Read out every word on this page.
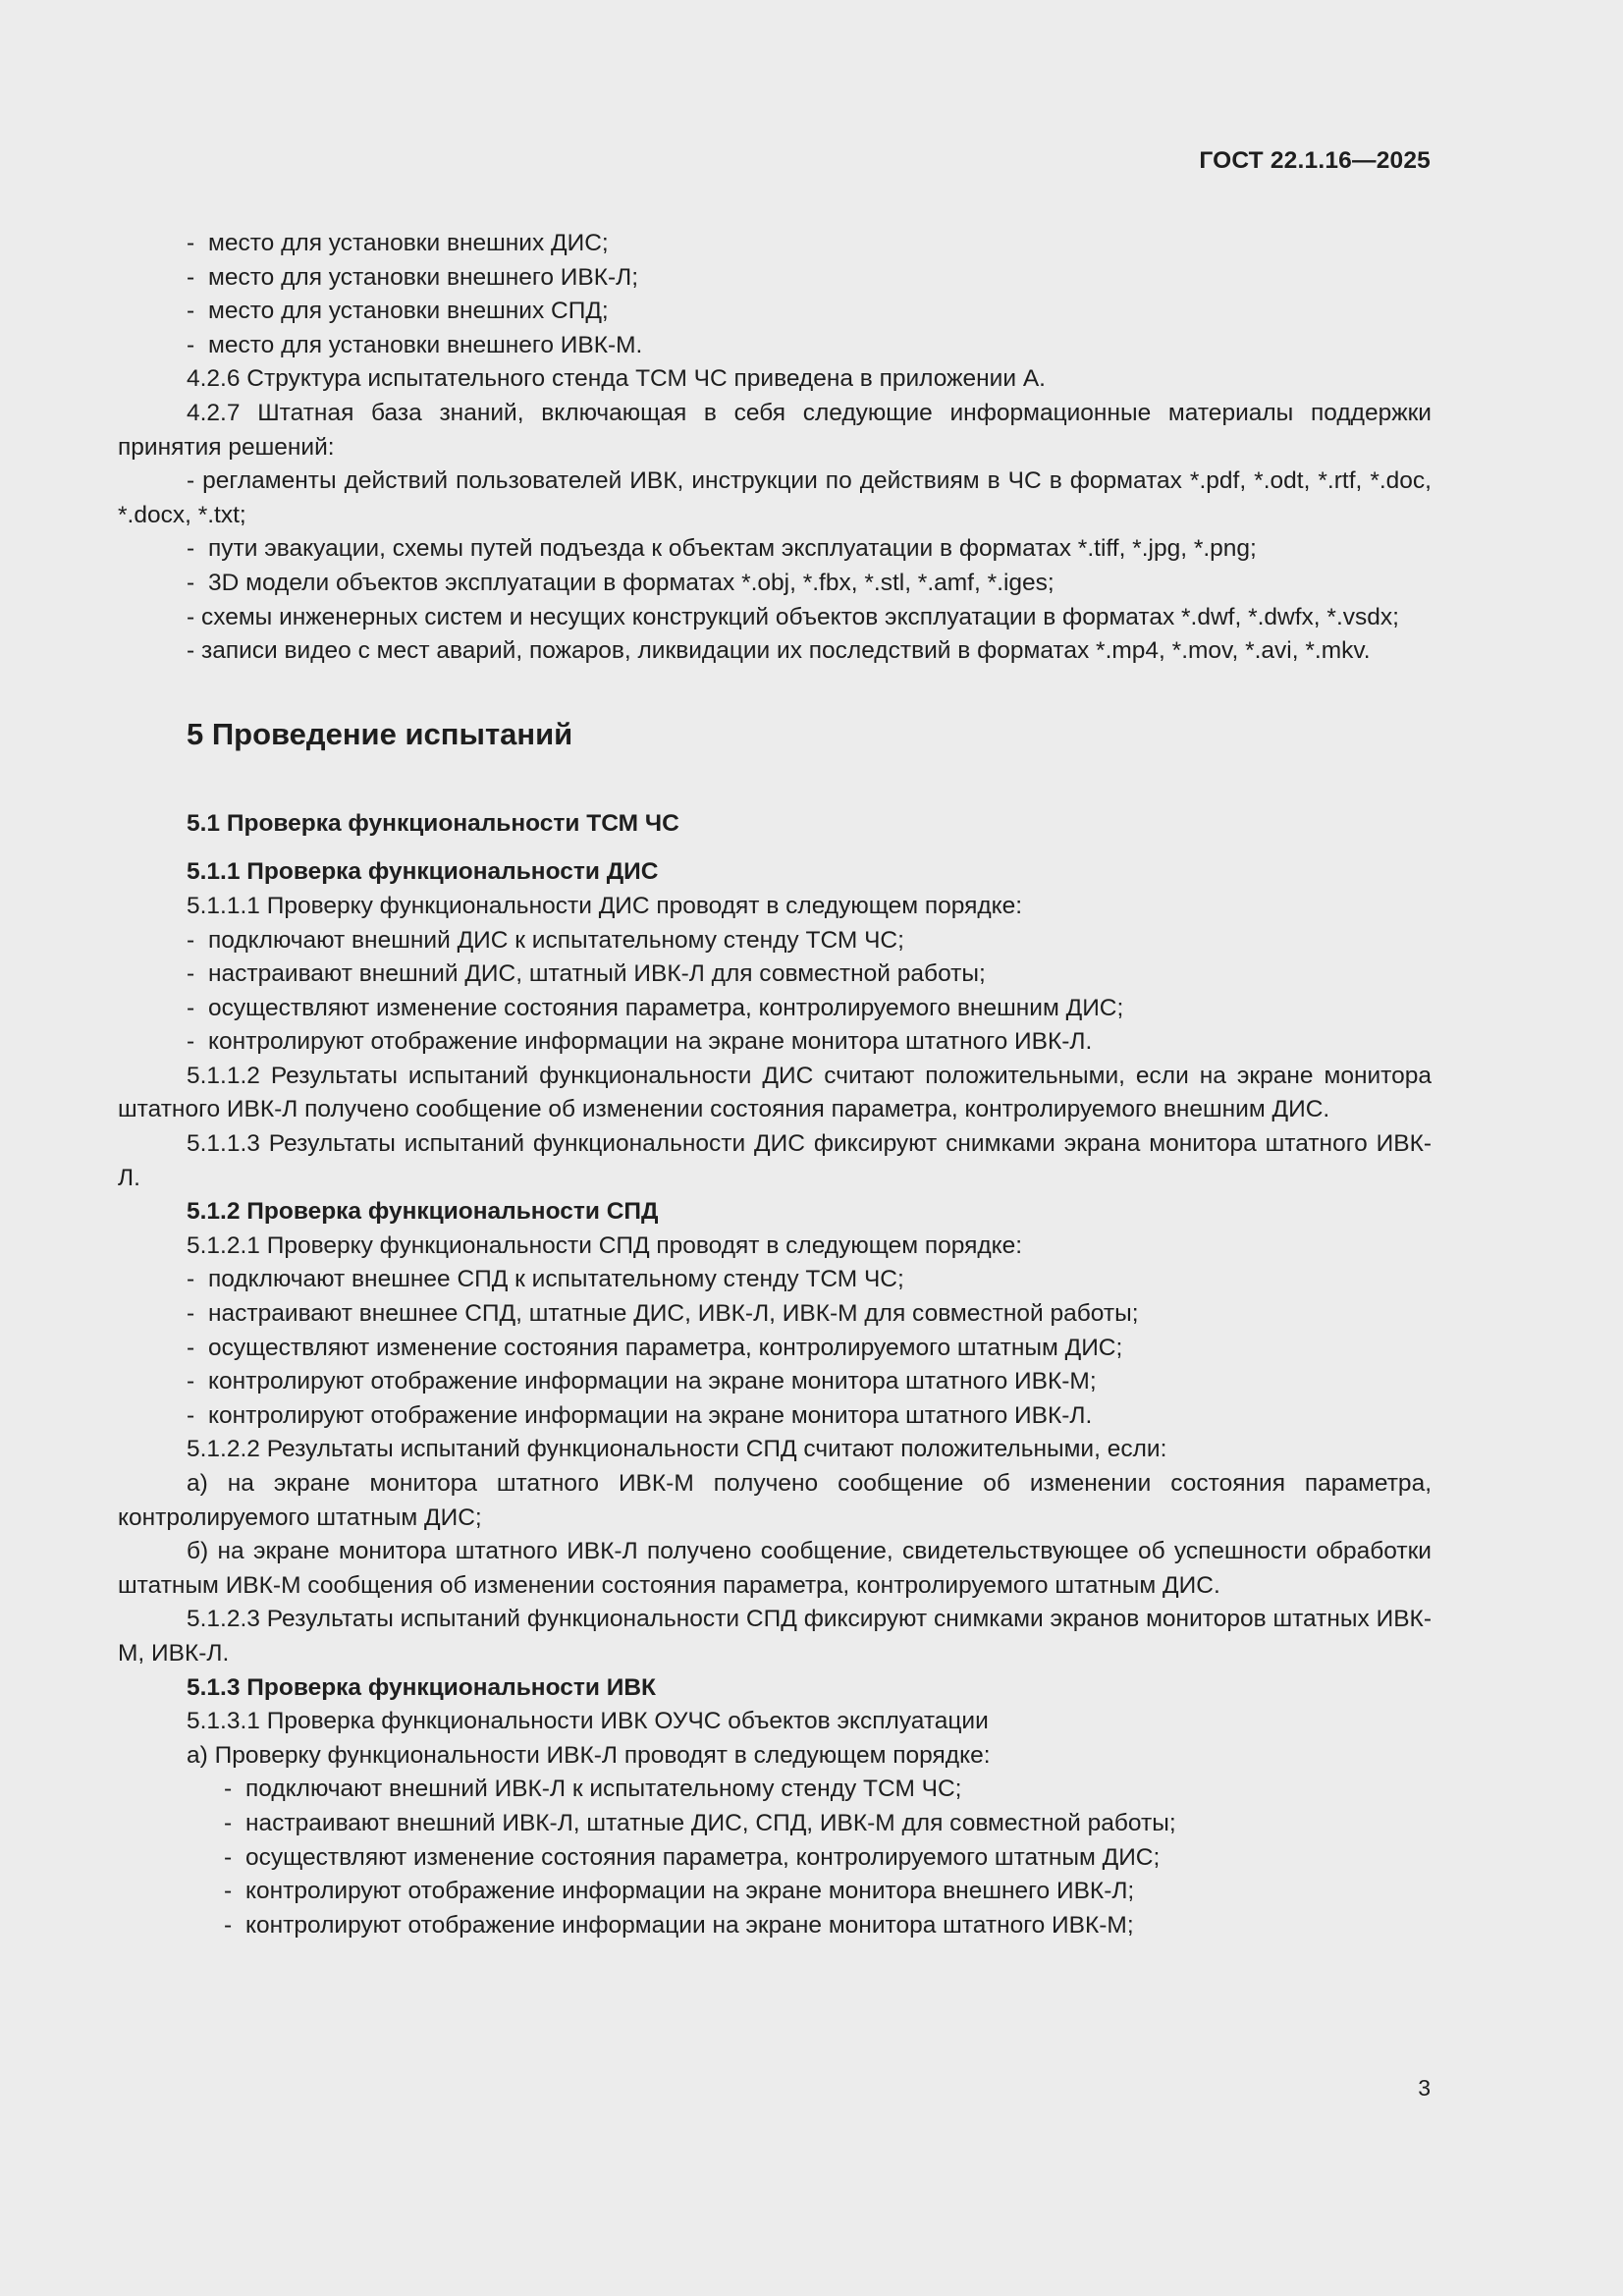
ГОСТ 22.1.16—2025

- место для установки внешних ДИС;

- место для установки внешнего ИВК-Л;

- место для установки внешних СПД;

- место для установки внешнего ИВК-М.

4.2.6 Структура испытательного стенда ТСМ ЧС приведена в приложении А.

4.2.7 Штатная база знаний, включающая в себя следующие информационные материалы поддержки принятия решений:

- регламенты действий пользователей ИВК, инструкции по действиям в ЧС в форматах *.pdf, *.odt, *.rtf, *.doc, *.docx, *.txt;

- пути эвакуации, схемы путей подъезда к объектам эксплуатации в форматах *.tiff, *.jpg, *.png;

- 3D модели объектов эксплуатации в форматах *.obj, *.fbx, *.stl, *.amf, *.iges;

- схемы инженерных систем и несущих конструкций объектов эксплуатации в форматах *.dwf, *.dwfx, *.vsdx;

- записи видео с мест аварий, пожаров, ликвидации их последствий в форматах *.mp4, *.mov, *.avi, *.mkv.

5 Проведение испытаний
5.1 Проверка функциональности ТСМ ЧС
5.1.1 Проверка функциональности ДИС

5.1.1.1 Проверку функциональности ДИС проводят в следующем порядке:

- подключают внешний ДИС к испытательному стенду ТСМ ЧС;

- настраивают внешний ДИС, штатный ИВК-Л для совместной работы;

- осуществляют изменение состояния параметра, контролируемого внешним ДИС;

- контролируют отображение информации на экране монитора штатного ИВК-Л.

5.1.1.2 Результаты испытаний функциональности ДИС считают положительными, если на экране монитора штатного ИВК-Л получено сообщение об изменении состояния параметра, контролируемого внешним ДИС.

5.1.1.3 Результаты испытаний функциональности ДИС фиксируют снимками экрана монитора штатного ИВК-Л.

5.1.2 Проверка функциональности СПД

5.1.2.1 Проверку функциональности СПД проводят в следующем порядке:

- подключают внешнее СПД к испытательному стенду ТСМ ЧС;

- настраивают внешнее СПД, штатные ДИС, ИВК-Л, ИВК-М для совместной работы;

- осуществляют изменение состояния параметра, контролируемого штатным ДИС;

- контролируют отображение информации на экране монитора штатного ИВК-М;

- контролируют отображение информации на экране монитора штатного ИВК-Л.

5.1.2.2 Результаты испытаний функциональности СПД считают положительными, если:

а) на экране монитора штатного ИВК-М получено сообщение об изменении состояния параметра, контролируемого штатным ДИС;

б) на экране монитора штатного ИВК-Л получено сообщение, свидетельствующее об успешности обработки штатным ИВК-М сообщения об изменении состояния параметра, контролируемого штатным ДИС.

5.1.2.3 Результаты испытаний функциональности СПД фиксируют снимками экранов мониторов штатных ИВК-М, ИВК-Л.

5.1.3 Проверка функциональности ИВК

5.1.3.1 Проверка функциональности ИВК ОУЧС объектов эксплуатации

а) Проверку функциональности ИВК-Л проводят в следующем порядке:

- подключают внешний ИВК-Л к испытательному стенду ТСМ ЧС;

- настраивают внешний ИВК-Л, штатные ДИС, СПД, ИВК-М для совместной работы;

- осуществляют изменение состояния параметра, контролируемого штатным ДИС;

- контролируют отображение информации на экране монитора внешнего ИВК-Л;

- контролируют отображение информации на экране монитора штатного ИВК-М;

3
